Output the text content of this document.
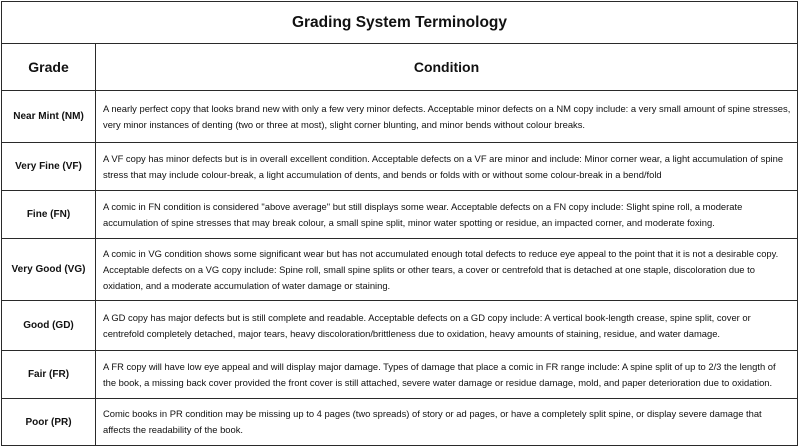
Grading System Terminology	
Grade	Condition
Near Mint (NM)	A nearly perfect copy that looks brand new with only a few very minor defects. Acceptable minor defects on a NM copy include: a very small amount of spine stresses, very minor instances of denting (two or three at most), slight corner blunting, and minor bends without colour breaks.
Very Fine (VF)	A VF copy has minor defects but is in overall excellent condition. Acceptable defects on a VF are minor and include: Minor corner wear, a light accumulation of spine stress that may include colour-break, a light accumulation of dents, and bends or folds with or without some colour-break in a bend/fold
Fine (FN)	A comic in FN condition is considered "above average" but still displays some wear. Acceptable defects on a FN copy include: Slight spine roll, a moderate accumulation of spine stresses that may break colour, a small spine split, minor water spotting or residue, an impacted corner, and moderate foxing.
Very Good (VG)	A comic in VG condition shows some significant wear but has not accumulated enough total defects to reduce eye appeal to the point that it is not a desirable copy. Acceptable defects on a VG copy include: Spine roll, small spine splits or other tears, a cover or centrefold that is detached at one staple, discoloration due to oxidation, and a moderate accumulation of water damage or staining.
Good (GD)	A GD copy has major defects but is still complete and readable. Acceptable defects on a GD copy include: A vertical book-length crease, spine split, cover or centrefold completely detached, major tears, heavy discoloration/brittleness due to oxidation, heavy amounts of staining, residue, and water damage.
Fair (FR)	A FR copy will have low eye appeal and will display major damage. Types of damage that place a comic in FR range include: A spine split of up to 2/3 the length of the book, a missing back cover provided the front cover is still attached, severe water damage or residue damage, mold, and paper deterioration due to oxidation.
Poor (PR)	Comic books in PR condition may be missing up to 4 pages (two spreads) of story or ad pages, or have a completely split spine, or display severe damage that affects the readability of the book.
